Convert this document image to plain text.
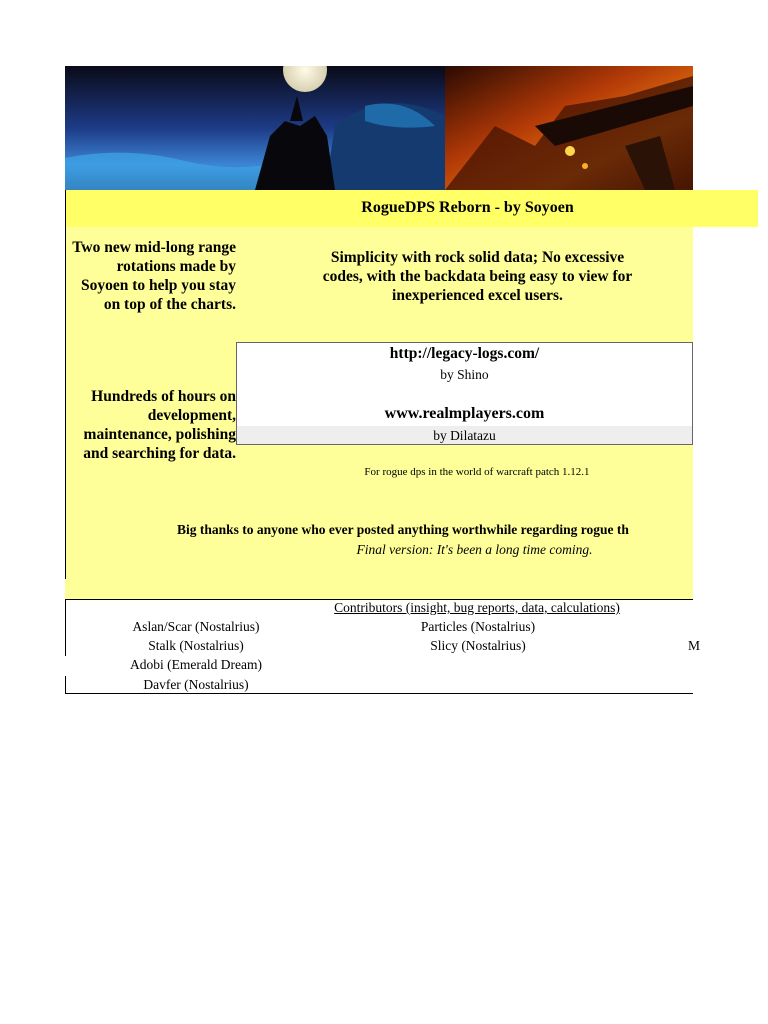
RogueDPS Reborn - by Soyoen
Two new mid-long range rotations made by Soyoen to help you stay on top of the charts.
Hundreds of hours on development, maintenance, polishing and searching for data.
Simplicity with rock solid data; No excessive codes, with the backdata being easy to view for inexperienced excel users.
http://legacy-logs.com/
by Shino
www.realmplayers.com
by Dilatazu
For rogue dps in the world of warcraft patch 1.12.1
Big thanks to anyone who ever posted anything worthwhile regarding rogue th
Final version: It's been a long time coming.
Contributors (insight, bug reports, data, calculations)
Aslan/Scar (Nostalrius)
Stalk (Nostalrius)
Adobi (Emerald Dream)
Davfer (Nostalrius)
Particles (Nostalrius)
Slicy (Nostalrius)	M
